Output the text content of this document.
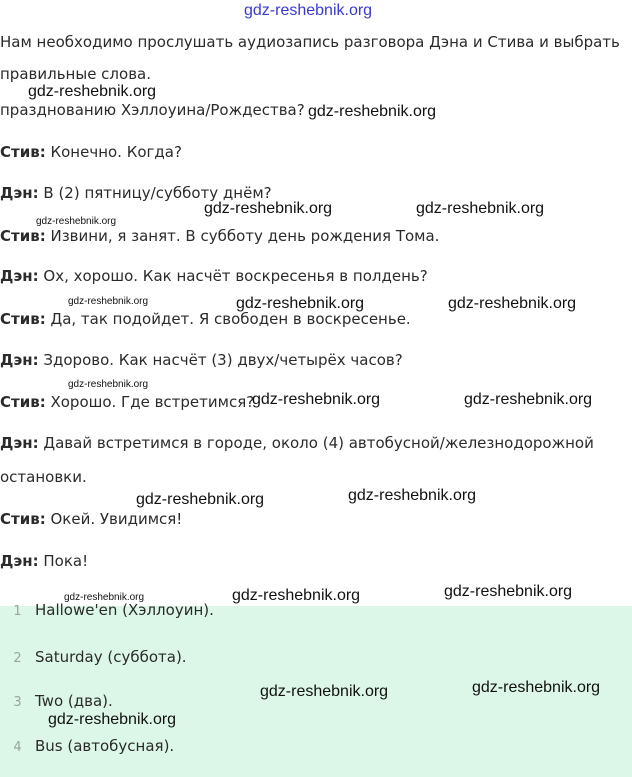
Нам необходимо прослушать аудиозапись разговора Дэна и Стива и выбрать
правильные слова.
празднованию Хэллоуина/Рождества?
Стив: Конечно. Когда?
Дэн: В (2) пятницу/субботу днём?
Стив: Извини, я занят. В субботу день рождения Тома.
Дэн: Ох, хорошо. Как насчёт воскресенья в полдень?
Стив: Да, так подойдет. Я свободен в воскресенье.
Дэн: Здорово. Как насчёт (3) двух/четырёх часов?
Стив: Хорошо. Где встретимся?
Дэн: Давай встретимся в городе, около (4) автобусной/железнодорожной
остановки.
Стив: Окей. Увидимся!
Дэн: Пока!
1 Hallowe'en (Хэллоуин).
2 Saturday (суббота).
3 Two (два).
4 Bus (автобусная).
gdz-reshebnik.org
gdz-reshebnik.org
gdz-reshebnik.org
gdz-reshebnik.org	gdz-reshebnik.org
gdz-reshebnik.org
gdz-reshebnik.org	gdz-reshebnik.org
gdz-reshebnik.org
gdz-reshebnik.org
gdz-reshebnik.org	gdz-reshebnik.org
gdz-reshebnik.org
gdz-reshebnik.org
gdz-reshebnik.org
gdz-reshebnik.org
gdz-reshebnik.org
gdz-reshebnik.org
gdz-reshebnik.org
gdz-reshebnik.org
